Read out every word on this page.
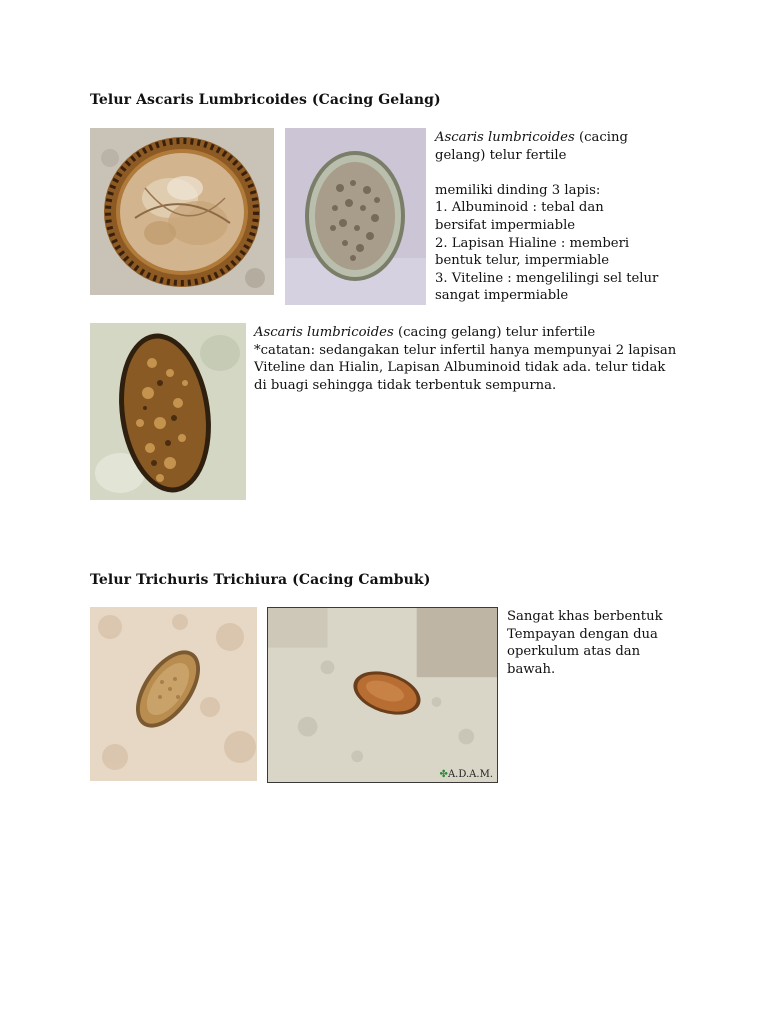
Telur Ascaris Lumbricoides (Cacing Gelang)

Ascaris lumbricoides (cacing

gelang) telur fertile

memiliki dinding 3 lapis:

1. Albuminoid : tebal dan

bersifat impermiable

2. Lapisan Hialine : memberi

bentuk telur, impermiable

3. Viteline : mengelilingi sel telur

sangat impermiable

Ascaris lumbricoides (cacing gelang) telur infertile

*catatan: sedangakan telur infertil hanya mempunyai 2 lapisan

Viteline dan Hialin, Lapisan Albuminoid tidak ada. telur tidak

di buagi sehingga tidak terbentuk sempurna.

Telur Trichuris Trichiura (Cacing Cambuk)
✤A.D.A.M.

Sangat khas berbentuk

Tempayan dengan dua

operkulum atas dan

bawah.
